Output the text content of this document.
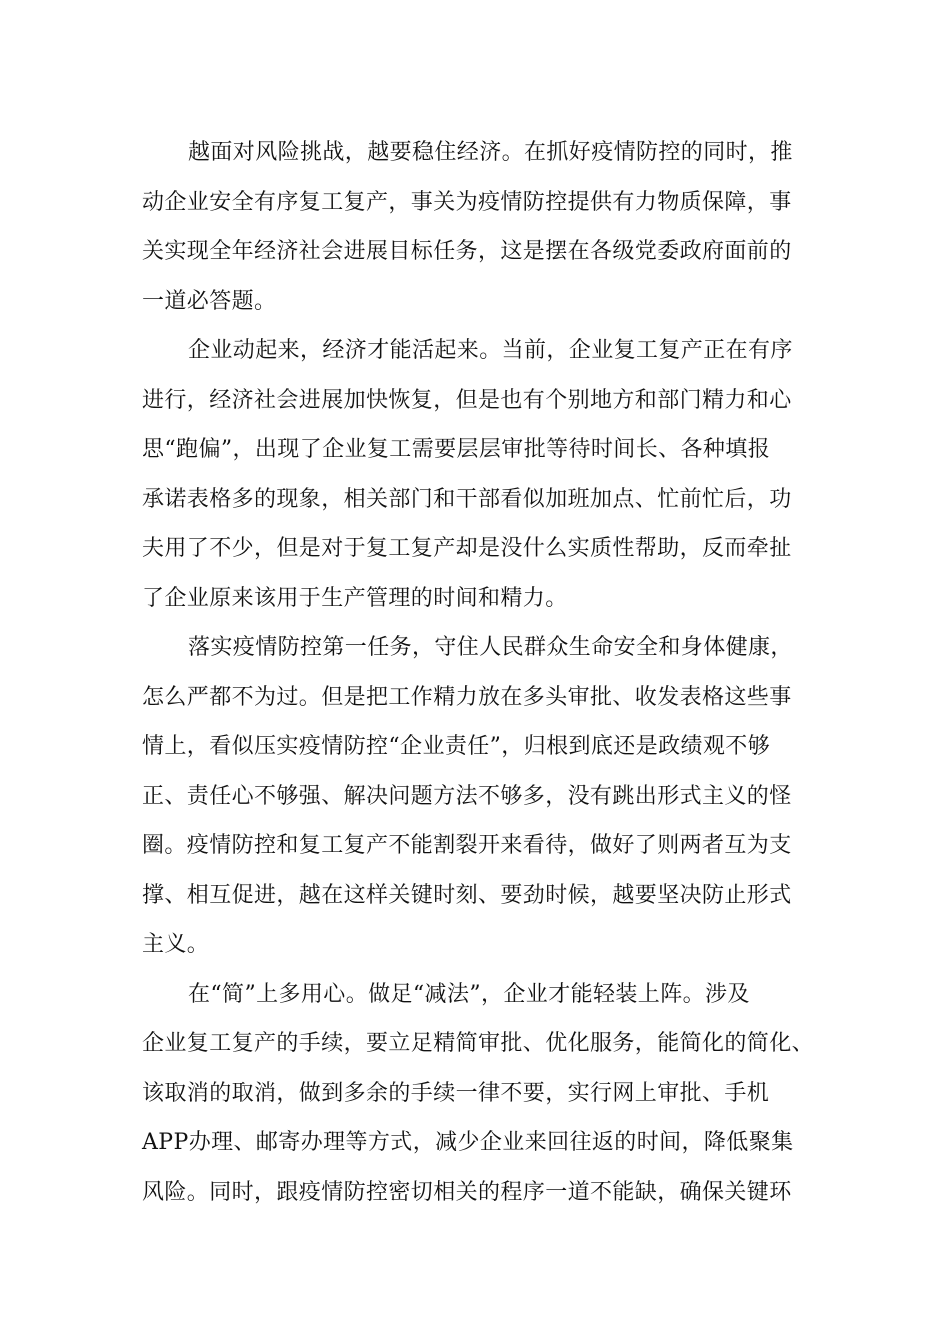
越面对风险挑战，越要稳住经济。在抓好疫情防控的同时，推
动企业安全有序复工复产，事关为疫情防控提供有力物质保障，事
关实现全年经济社会进展目标任务，这是摆在各级党委政府面前的
一道必答题。
企业动起来，经济才能活起来。当前，企业复工复产正在有序
进行，经济社会进展加快恢复，但是也有个别地方和部门精力和心
思“跑偏”，出现了企业复工需要层层审批等待时间长、各种填报
承诺表格多的现象，相关部门和干部看似加班加点、忙前忙后，功
夫用了不少，但是对于复工复产却是没什么实质性帮助，反而牵扯
了企业原来该用于生产管理的时间和精力。
落实疫情防控第一任务，守住人民群众生命安全和身体健康，
怎么严都不为过。但是把工作精力放在多头审批、收发表格这些事
情上，看似压实疫情防控“企业责任”，归根到底还是政绩观不够
正、责任心不够强、解决问题方法不够多，没有跳出形式主义的怪
圈。疫情防控和复工复产不能割裂开来看待，做好了则两者互为支
撑、相互促进，越在这样关键时刻、要劲时候，越要坚决防止形式
主义。
在“简”上多用心。做足“减法”，企业才能轻装上阵。涉及
企业复工复产的手续，要立足精简审批、优化服务，能简化的简化、
该取消的取消，做到多余的手续一律不要，实行网上审批、手机
APP办理、邮寄办理等方式，减少企业来回往返的时间，降低聚集
风险。同时，跟疫情防控密切相关的程序一道不能缺，确保关键环
